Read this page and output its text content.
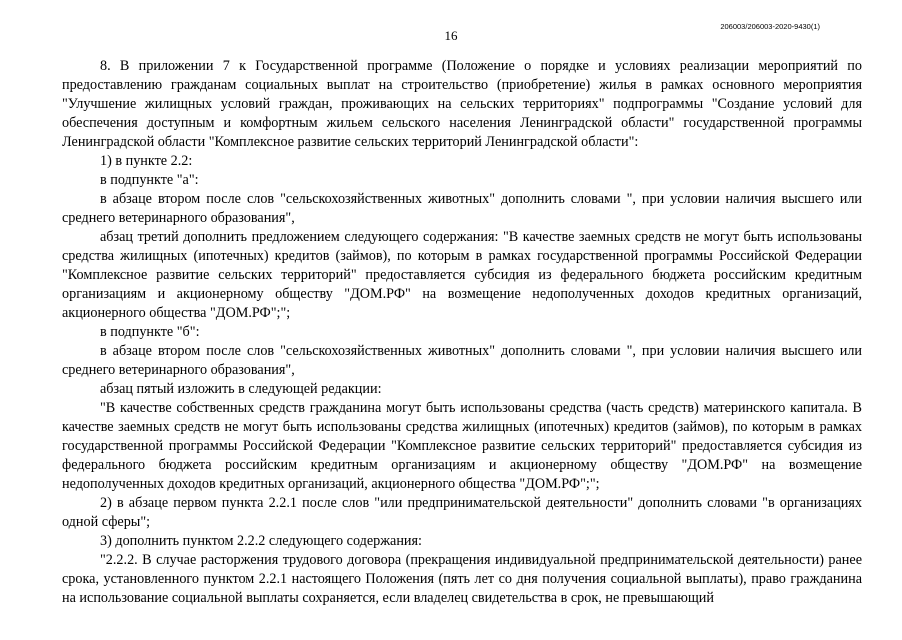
16
206003/206003-2020-9430(1)

8. В приложении 7 к Государственной программе (Положение о порядке и условиях реализации мероприятий по предоставлению гражданам социальных выплат на строительство (приобретение) жилья в рамках основного мероприятия "Улучшение жилищных условий граждан, проживающих на сельских территориях" подпрограммы "Создание условий для обеспечения доступным и комфортным жильем сельского населения Ленинградской области" государственной программы Ленинградской области "Комплексное развитие сельских территорий Ленинградской области":

1) в пункте 2.2:

в подпункте "а":

в абзаце втором после слов "сельскохозяйственных животных" дополнить словами ", при условии наличия высшего или среднего ветеринарного образования",

абзац третий дополнить предложением следующего содержания: "В качестве заемных средств не могут быть использованы средства жилищных (ипотечных) кредитов (займов), по которым в рамках государственной программы Российской Федерации "Комплексное развитие сельских территорий" предоставляется субсидия из федерального бюджета российским кредитным организациям и акционерному обществу "ДОМ.РФ" на возмещение недополученных доходов кредитных организаций, акционерного общества "ДОМ.РФ";";

в подпункте "б":

в абзаце втором после слов "сельскохозяйственных животных" дополнить словами ", при условии наличия высшего или среднего ветеринарного образования",

абзац пятый изложить в следующей редакции:

"В качестве собственных средств гражданина могут быть использованы средства (часть средств) материнского капитала. В качестве заемных средств не могут быть использованы средства жилищных (ипотечных) кредитов (займов), по которым в рамках государственной программы Российской Федерации "Комплексное развитие сельских территорий" предоставляется субсидия из федерального бюджета российским кредитным организациям и акционерному обществу "ДОМ.РФ" на возмещение недополученных доходов кредитных организаций, акционерного общества "ДОМ.РФ";";

2) в абзаце первом пункта 2.2.1 после слов "или предпринимательской деятельности" дополнить словами "в организациях одной сферы";

3) дополнить пунктом 2.2.2 следующего содержания:

"2.2.2. В случае расторжения трудового договора (прекращения индивидуальной предпринимательской деятельности) ранее срока, установленного пунктом 2.2.1 настоящего Положения (пять лет со дня получения социальной выплаты), право гражданина на использование социальной выплаты сохраняется, если владелец свидетельства в срок, не превышающий
